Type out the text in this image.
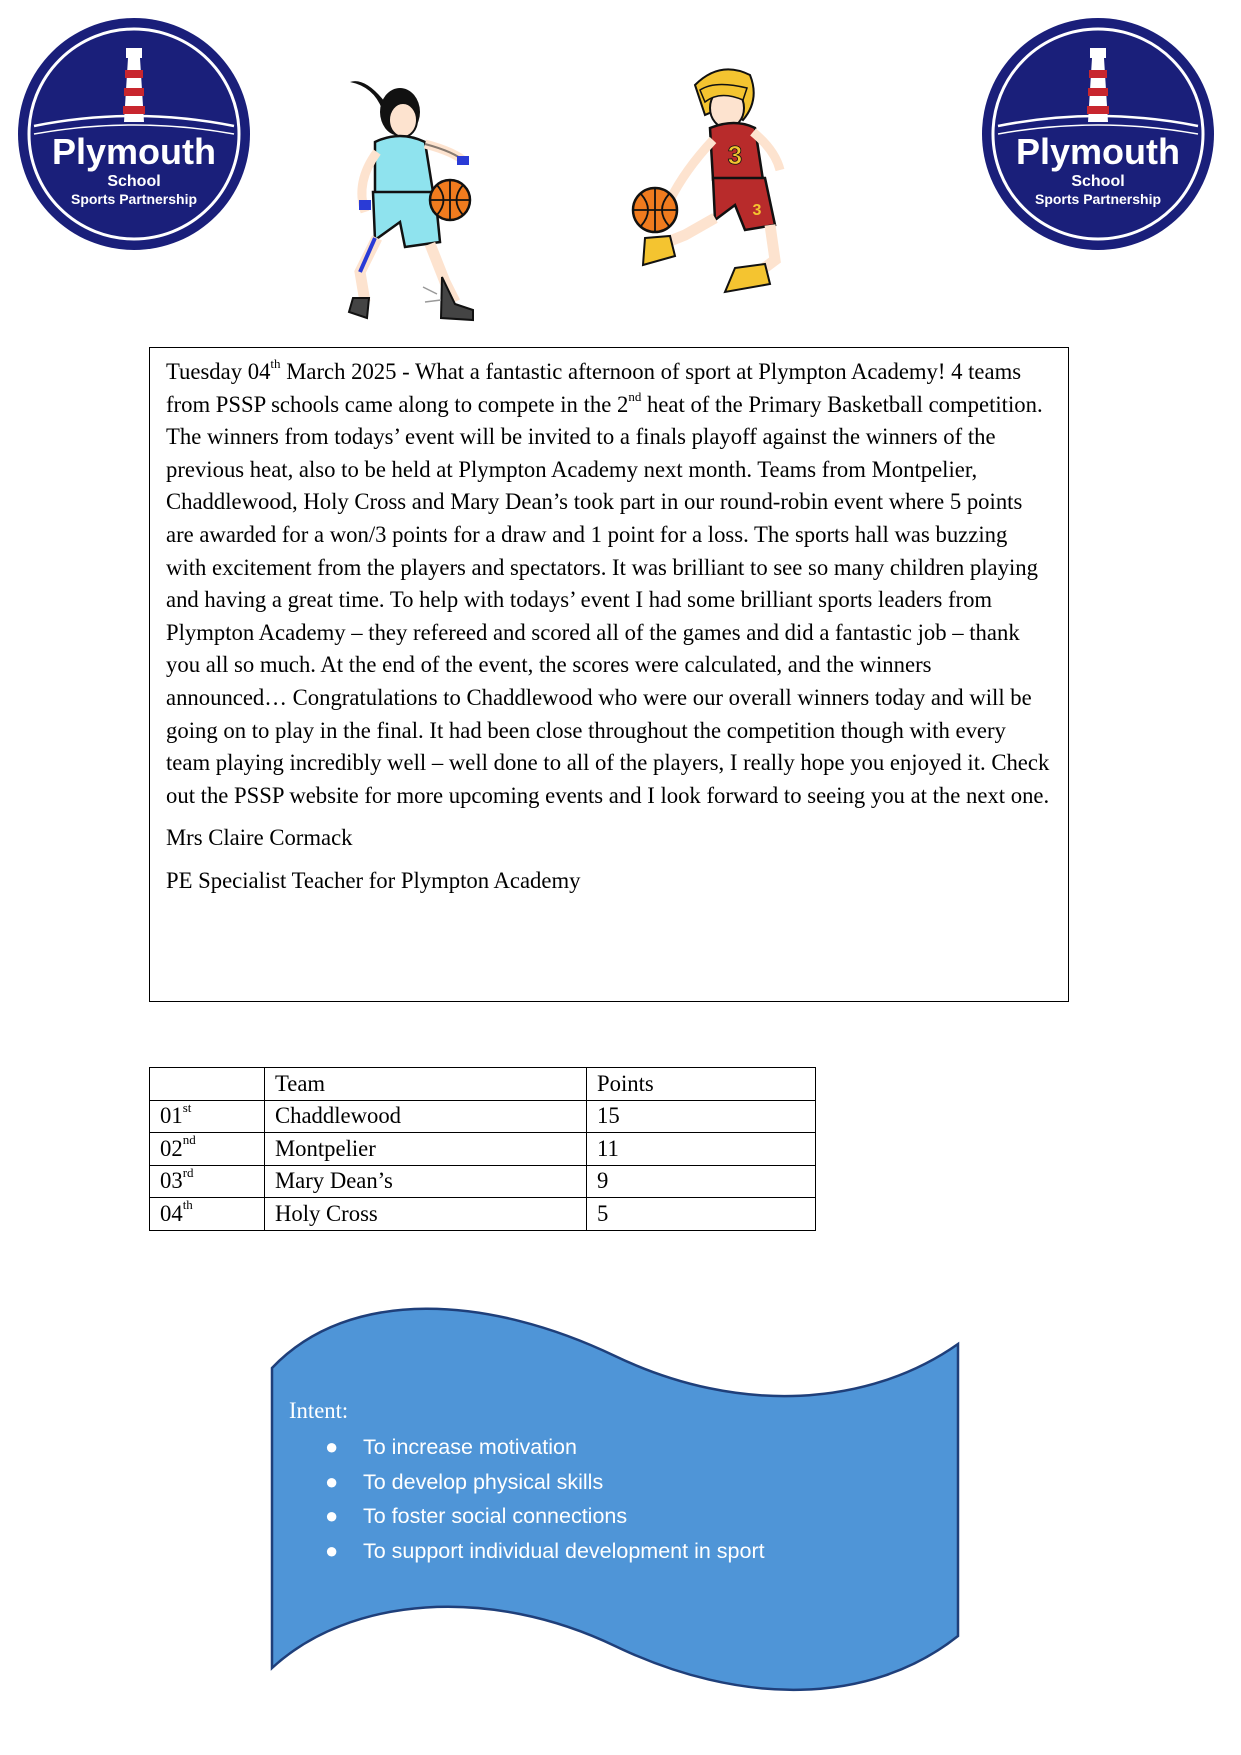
Plymouth
School
Sports Partnership
Plymouth
School
Sports Partnership
3
3

Tuesday 04th March 2025 - What a fantastic afternoon of sport at Plympton Academy! 4 teams from PSSP schools came along to compete in the 2nd heat of the Primary Basketball competition. The winners from todays’ event will be invited to a finals playoff against the winners of the previous heat, also to be held at Plympton Academy next month. Teams from Montpelier, Chaddlewood, Holy Cross and Mary Dean’s took part in our round-robin event where 5 points are awarded for a won/3 points for a draw and 1 point for a loss. The sports hall was buzzing with excitement from the players and spectators. It was brilliant to see so many children playing and having a great time. To help with todays’ event I had some brilliant sports leaders from Plympton Academy – they refereed and scored all of the games and did a fantastic job – thank you all so much. At the end of the event, the scores were calculated, and the winners announced… Congratulations to Chaddlewood who were our overall winners today and will be going on to play in the final. It had been close throughout the competition though with every team playing incredibly well – well done to all of the players, I really hope you enjoyed it. Check out the PSSP website for more upcoming events and I look forward to seeing you at the next one.

Mrs Claire Cormack

PE Specialist Teacher for Plympton Academy

	Team	Points
01st	Chaddlewood	15
02nd	Montpelier	11
03rd	Mary Dean’s	9
04th	Holy Cross	5
Intent:
● To increase motivation
● To develop physical skills
● To foster social connections
● To support individual development in sport
